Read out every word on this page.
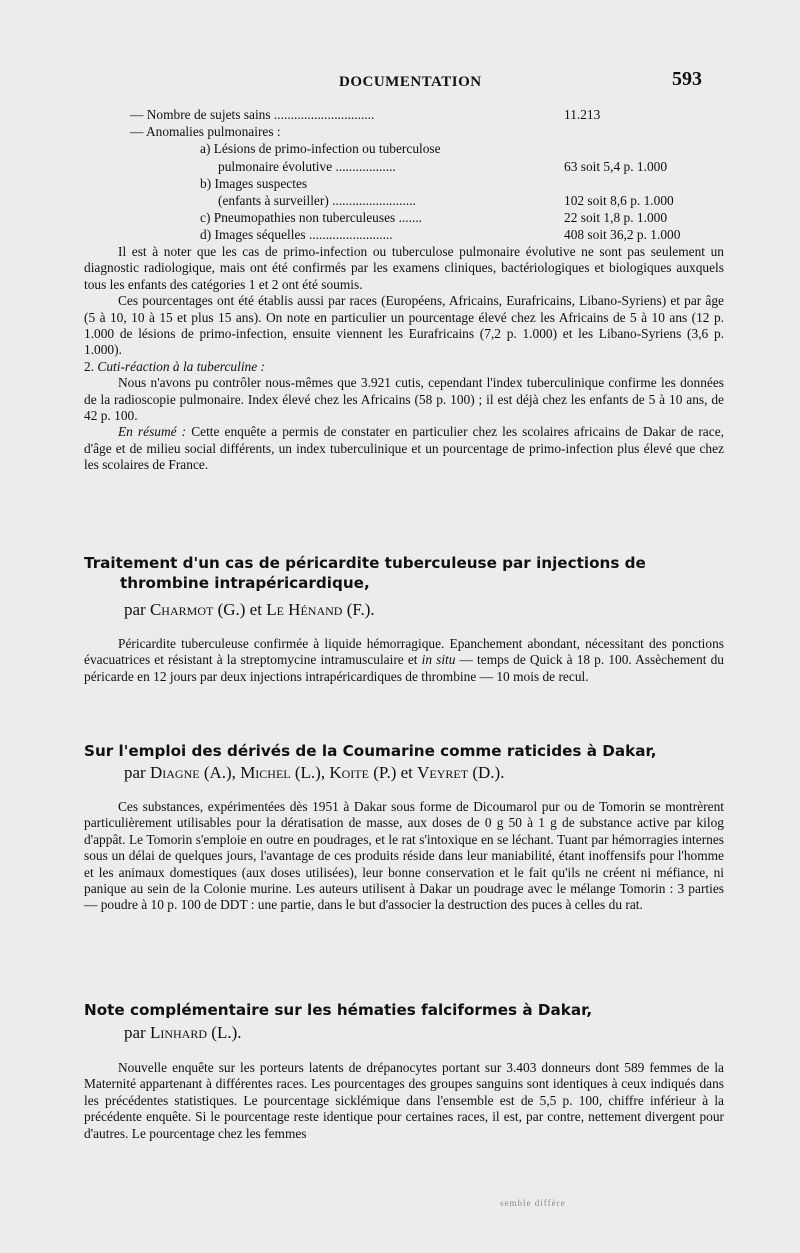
DOCUMENTATION	593
— Nombre de sujets sains ..............................	11.213
— Anomalies pulmonaires :
a) Lésions de primo-infection ou tuberculose
pulmonaire évolutive ..................	63 soit 5,4 p. 1.000
b) Images suspectes
(enfants à surveiller) .........................	102 soit 8,6 p. 1.000
c) Pneumopathies non tuberculeuses .......	22 soit 1,8 p. 1.000
d) Images séquelles .........................	408 soit 36,2 p. 1.000

Il est à noter que les cas de primo-infection ou tuberculose pulmonaire évolutive ne sont pas seulement un diagnostic radiologique, mais ont été confirmés par les examens cliniques, bactériologiques et biologiques auxquels tous les enfants des catégories 1 et 2 ont été soumis.

Ces pourcentages ont été établis aussi par races (Européens, Africains, Eurafricains, Libano-Syriens) et par âge (5 à 10, 10 à 15 et plus 15 ans). On note en particulier un pourcentage élevé chez les Africains de 5 à 10 ans (12 p. 1.000 de lésions de primo-infection, ensuite viennent les Eurafricains (7,2 p. 1.000) et les Libano-Syriens (3,6 p. 1.000).

2. Cuti-réaction à la tuberculine :

Nous n'avons pu contrôler nous-mêmes que 3.921 cutis, cependant l'index tuberculinique confirme les données de la radioscopie pulmonaire. Index élevé chez les Africains (58 p. 100) ; il est déjà chez les enfants de 5 à 10 ans, de 42 p. 100.

En résumé : Cette enquête a permis de constater en particulier chez les scolaires africains de Dakar de race, d'âge et de milieu social différents, un index tuberculinique et un pourcentage de primo-infection plus élevé que chez les scolaires de France.

Traitement d'un cas de péricardite tuberculeuse par injections de
thrombine intrapéricardique,
par Charmot (G.) et Le Hénand (F.).

Péricardite tuberculeuse confirmée à liquide hémorragique. Epanchement abondant, nécessitant des ponctions évacuatrices et résistant à la streptomycine intramusculaire et in situ — temps de Quick à 18 p. 100. Assèchement du péricarde en 12 jours par deux injections intrapéricardiques de thrombine — 10 mois de recul.

Sur l'emploi des dérivés de la Coumarine comme raticides à Dakar,
par Diagne (A.), Michel (L.), Koite (P.) et Veyret (D.).

Ces substances, expérimentées dès 1951 à Dakar sous forme de Dicoumarol pur ou de Tomorin se montrèrent particulièrement utilisables pour la dératisation de masse, aux doses de 0 g 50 à 1 g de substance active par kilog d'appât. Le Tomorin s'emploie en outre en poudrages, et le rat s'intoxique en se léchant. Tuant par hémorragies internes sous un délai de quelques jours, l'avantage de ces produits réside dans leur maniabilité, étant inoffensifs pour l'homme et les animaux domestiques (aux doses utilisées), leur bonne conservation et le fait qu'ils ne créent ni méfiance, ni panique au sein de la Colonie murine. Les auteurs utilisent à Dakar un poudrage avec le mélange Tomorin : 3 parties — poudre à 10 p. 100 de DDT : une partie, dans le but d'associer la destruction des puces à celles du rat.

Note complémentaire sur les hématies falciformes à Dakar,
par Linhard (L.).

Nouvelle enquête sur les porteurs latents de drépanocytes portant sur 3.403 donneurs dont 589 femmes de la Maternité appartenant à différentes races. Les pourcentages des groupes sanguins sont identiques à ceux indiqués dans les précédentes statistiques. Le pourcentage sicklémique dans l'ensemble est de 5,5 p. 100, chiffre inférieur à la précédente enquête. Si le pourcentage reste identique pour certaines races, il est, par contre, nettement divergent pour d'autres. Le pourcentage chez les femmes

semble diffère
